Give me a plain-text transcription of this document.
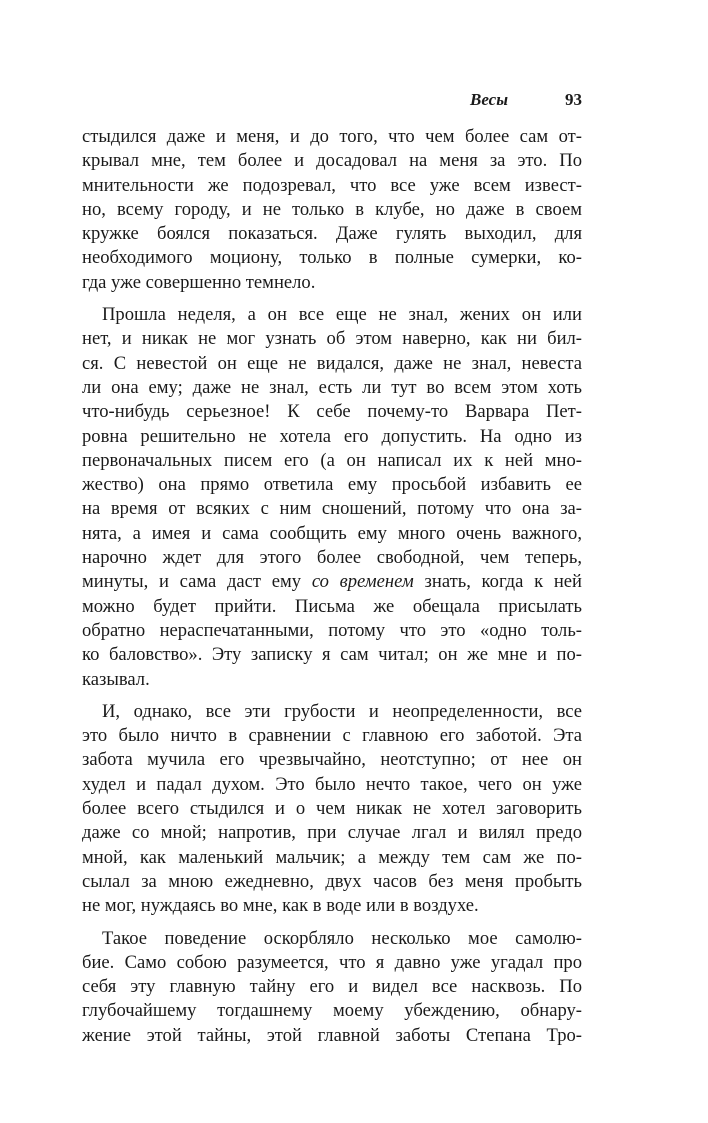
Весы	93
стыдился даже и меня, и до того, что чем более сам от-
крывал мне, тем более и досадовал на меня за это. По
мнительности же подозревал, что все уже всем извест-
но, всему городу, и не только в клубе, но даже в своем
кружке боялся показаться. Даже гулять выходил, для
необходимого моциону, только в полные сумерки, ко-
гда уже совершенно темнело.
Прошла неделя, а он все еще не знал, жених он или
нет, и никак не мог узнать об этом наверно, как ни бил-
ся. С невестой он еще не видался, даже не знал, невеста
ли она ему; даже не знал, есть ли тут во всем этом хоть
что-нибудь серьезное! К себе почему-то Варвара Пет-
ровна решительно не хотела его допустить. На одно из
первоначальных писем его (а он написал их к ней мно-
жество) она прямо ответила ему просьбой избавить ее
на время от всяких с ним сношений, потому что она за-
нята, а имея и сама сообщить ему много очень важного,
нарочно ждет для этого более свободной, чем теперь,
минуты, и сама даст ему со временем знать, когда к ней
можно будет прийти. Письма же обещала присылать
обратно нераспечатанными, потому что это «одно толь-
ко баловство». Эту записку я сам читал; он же мне и по-
казывал.
И, однако, все эти грубости и неопределенности, все
это было ничто в сравнении с главною его заботой. Эта
забота мучила его чрезвычайно, неотступно; от нее он
худел и падал духом. Это было нечто такое, чего он уже
более всего стыдился и о чем никак не хотел заговорить
даже со мной; напротив, при случае лгал и вилял предо
мной, как маленький мальчик; а между тем сам же по-
сылал за мною ежедневно, двух часов без меня пробыть
не мог, нуждаясь во мне, как в воде или в воздухе.
Такое поведение оскорбляло несколько мое самолю-
бие. Само собою разумеется, что я давно уже угадал про
себя эту главную тайну его и видел все насквозь. По
глубочайшему тогдашнему моему убеждению, обнару-
жение этой тайны, этой главной заботы Степана Тро-
